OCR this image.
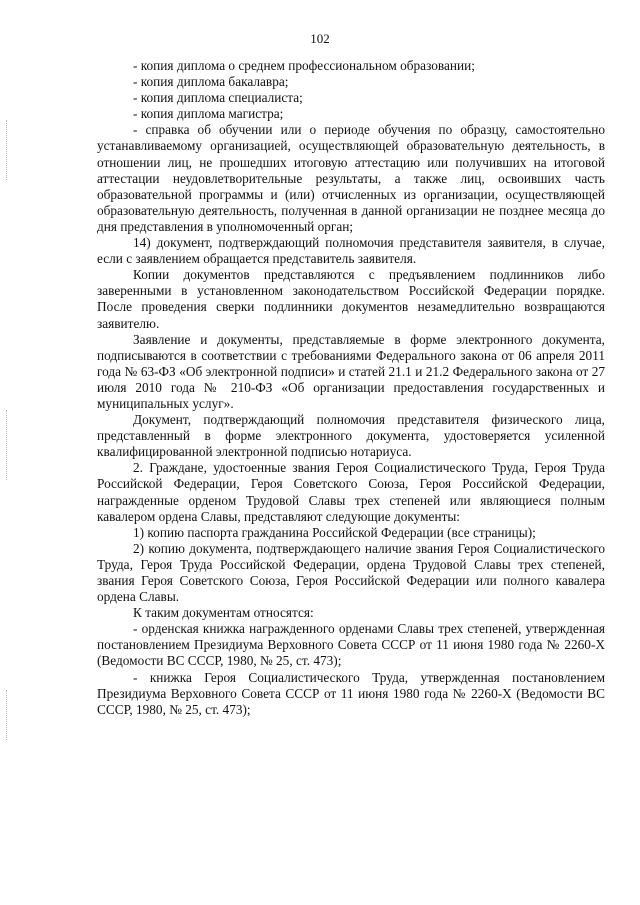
102

- копия диплома о среднем профессиональном образовании;

- копия диплома бакалавра;

- копия диплома специалиста;

- копия диплома магистра;

- справка об обучении или о периоде обучения по образцу, самостоятельно устанавливаемому организацией, осуществляющей образовательную деятельность, в отношении лиц, не прошедших итоговую аттестацию или получивших на итоговой аттестации неудовлетворительные результаты, а также лиц, освоивших часть образовательной программы и (или) отчисленных из организации, осуществляющей образовательную деятельность, полученная в данной организации не позднее месяца до дня представления в уполномоченный орган;

14) документ, подтверждающий полномочия представителя заявителя, в случае, если с заявлением обращается представитель заявителя.

Копии документов представляются с предъявлением подлинников либо заверенными в установленном законодательством Российской Федерации порядке. После проведения сверки подлинники документов незамедлительно возвращаются заявителю.

Заявление и документы, представляемые в форме электронного документа, подписываются в соответствии с требованиями Федерального закона от 06 апреля 2011 года № 63-ФЗ «Об электронной подписи» и статей 21.1 и 21.2 Федерального закона от 27 июля 2010 года № 210-ФЗ «Об организации предоставления государственных и муниципальных услуг».

Документ, подтверждающий полномочия представителя физического лица, представленный в форме электронного документа, удостоверяется усиленной квалифицированной электронной подписью нотариуса.

2. Граждане, удостоенные звания Героя Социалистического Труда, Героя Труда Российской Федерации, Героя Советского Союза, Героя Российской Федерации, награжденные орденом Трудовой Славы трех степеней или являющиеся полным кавалером ордена Славы, представляют следующие документы:

1) копию паспорта гражданина Российской Федерации (все страницы);

2) копию документа, подтверждающего наличие звания Героя Социалистического Труда, Героя Труда Российской Федерации, ордена Трудовой Славы трех степеней, звания Героя Советского Союза, Героя Российской Федерации или полного кавалера ордена Славы.

К таким документам относятся:

- орденская книжка награжденного орденами Славы трех степеней, утвержденная постановлением Президиума Верховного Совета СССР от 11 июня 1980 года № 2260-X (Ведомости ВС СССР, 1980, № 25, ст. 473);

- книжка Героя Социалистического Труда, утвержденная постановлением Президиума Верховного Совета СССР от 11 июня 1980 года № 2260-X (Ведомости ВС СССР, 1980, № 25, ст. 473);
